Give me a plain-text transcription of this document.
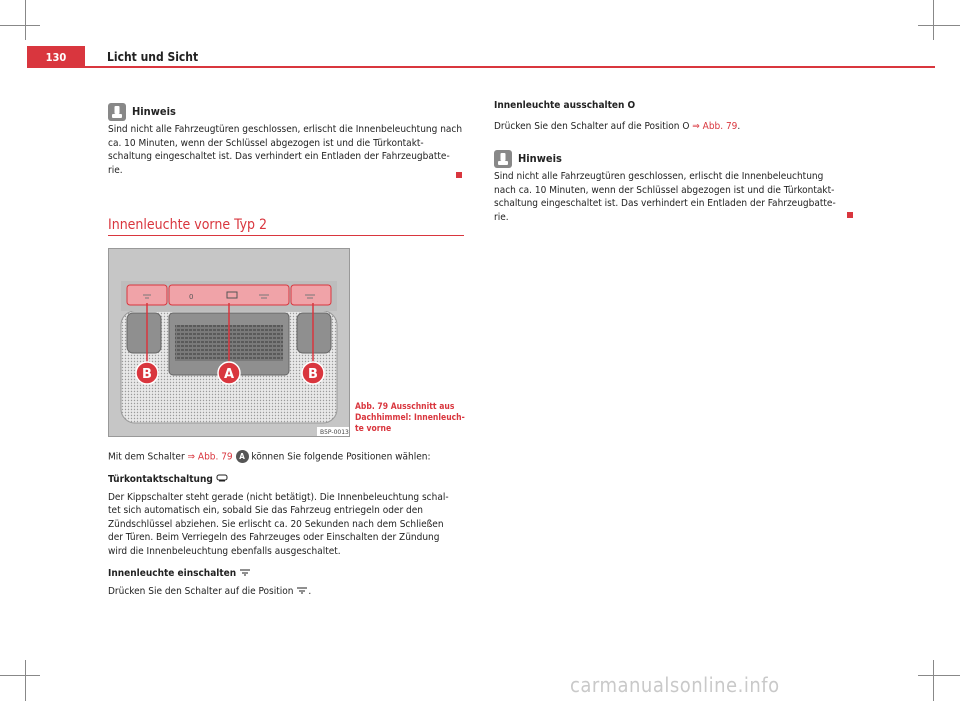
130	Licht und Sicht
Hinweis
Sind nicht alle Fahrzeugtüren geschlossen, erlischt die Innenbeleuchtung nach ca. 10 Minuten, wenn der Schlüssel abgezogen ist und die Türkontakt-schaltung eingeschaltet ist. Das verhindert ein Entladen der Fahrzeugbatte-rie.
Innenleuchte vorne Typ 2
0
B	A	B
B5P-0013
Abb. 79 Ausschnitt aus
Dachhimmel: Innenleuch-
te vorne
Mit dem Schalter ⇒ Abb. 79 A können Sie folgende Positionen wählen:
Türkontaktschaltung
Der Kippschalter steht gerade (nicht betätigt). Die Innenbeleuchtung schal-
tet sich automatisch ein, sobald Sie das Fahrzeug entriegeln oder den
Zündschlüssel abziehen. Sie erlischt ca. 20 Sekunden nach dem Schließen
der Türen. Beim Verriegeln des Fahrzeuges oder Einschalten der Zündung
wird die Innenbeleuchtung ebenfalls ausgeschaltet.
Innenleuchte einschalten
Drücken Sie den Schalter auf die Position .
Innenleuchte ausschalten O
Drücken Sie den Schalter auf die Position O ⇒ Abb. 79.
Hinweis
Sind nicht alle Fahrzeugtüren geschlossen, erlischt die Innenbeleuchtung
nach ca. 10 Minuten, wenn der Schlüssel abgezogen ist und die Türkontakt-
schaltung eingeschaltet ist. Das verhindert ein Entladen der Fahrzeugbatte-
rie.
carmanualsonline.info
